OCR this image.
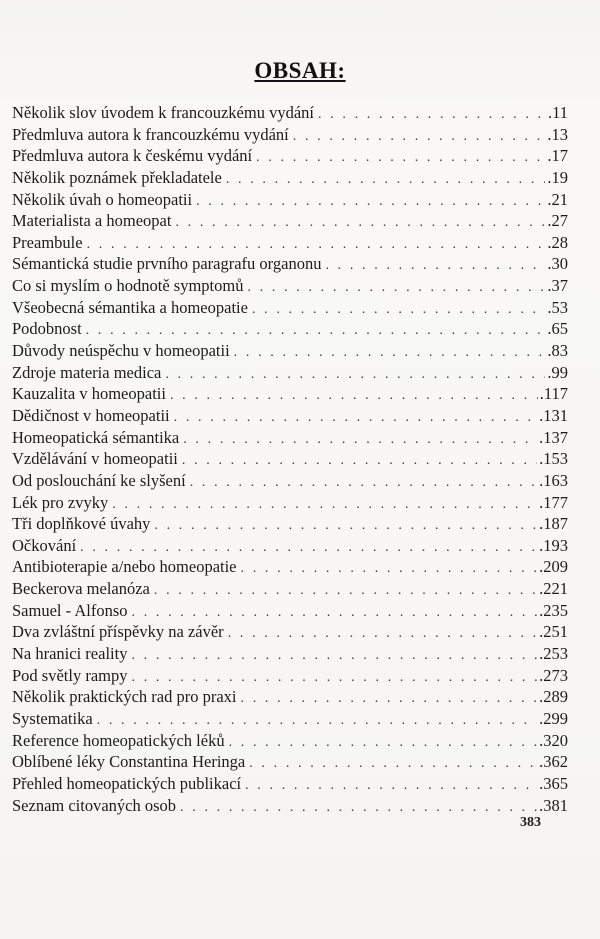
OBSAH:
Několik slov úvodem k francouzkému vydání . . .	.11
Předmluva autora k francouzkému vydání . . .	.13
Předmluva autora k českému vydání . . .	.17
Několik poznámek překladatele . . .	.19
Několik úvah o homeopatii . . .	.21
Materialista a homeopat . . .	.27
Preambule . . .	.28
Sémantická studie prvního paragrafu organonu . . .	.30
Co si myslím o hodnotě symptomů . . .	.37
Všeobecná sémantika a homeopatie . . .	.53
Podobnost . . .	.65
Důvody neúspěchu v homeopatii . . .	.83
Zdroje materia medica . . .	.99
Kauzalita v homeopatii . . .	.117
Dědičnost v homeopatii . . .	.131
Homeopatická sémantika . . .	.137
Vzdělávání v homeopatii . . .	.153
Od poslouchání ke slyšení . . .	.163
Lék pro zvyky . . .	.177
Tři doplňkové úvahy . . .	.187
Očkování . . .	.193
Antibioterapie a/nebo homeopatie . . .	.209
Beckerova melanóza . . .	.221
Samuel - Alfonso . . .	.235
Dva zvláštní příspěvky na závěr . . .	.251
Na hranici reality . . .	.253
Pod světly rampy . . .	.273
Několik praktických rad pro praxi . . .	.289
Systematika . . .	.299
Reference homeopatických léků . . .	.320
Oblíbené léky Constantina Heringa . . .	.362
Přehled homeopatických publikací . . .	.365
Seznam citovaných osob . . .	.381
383
